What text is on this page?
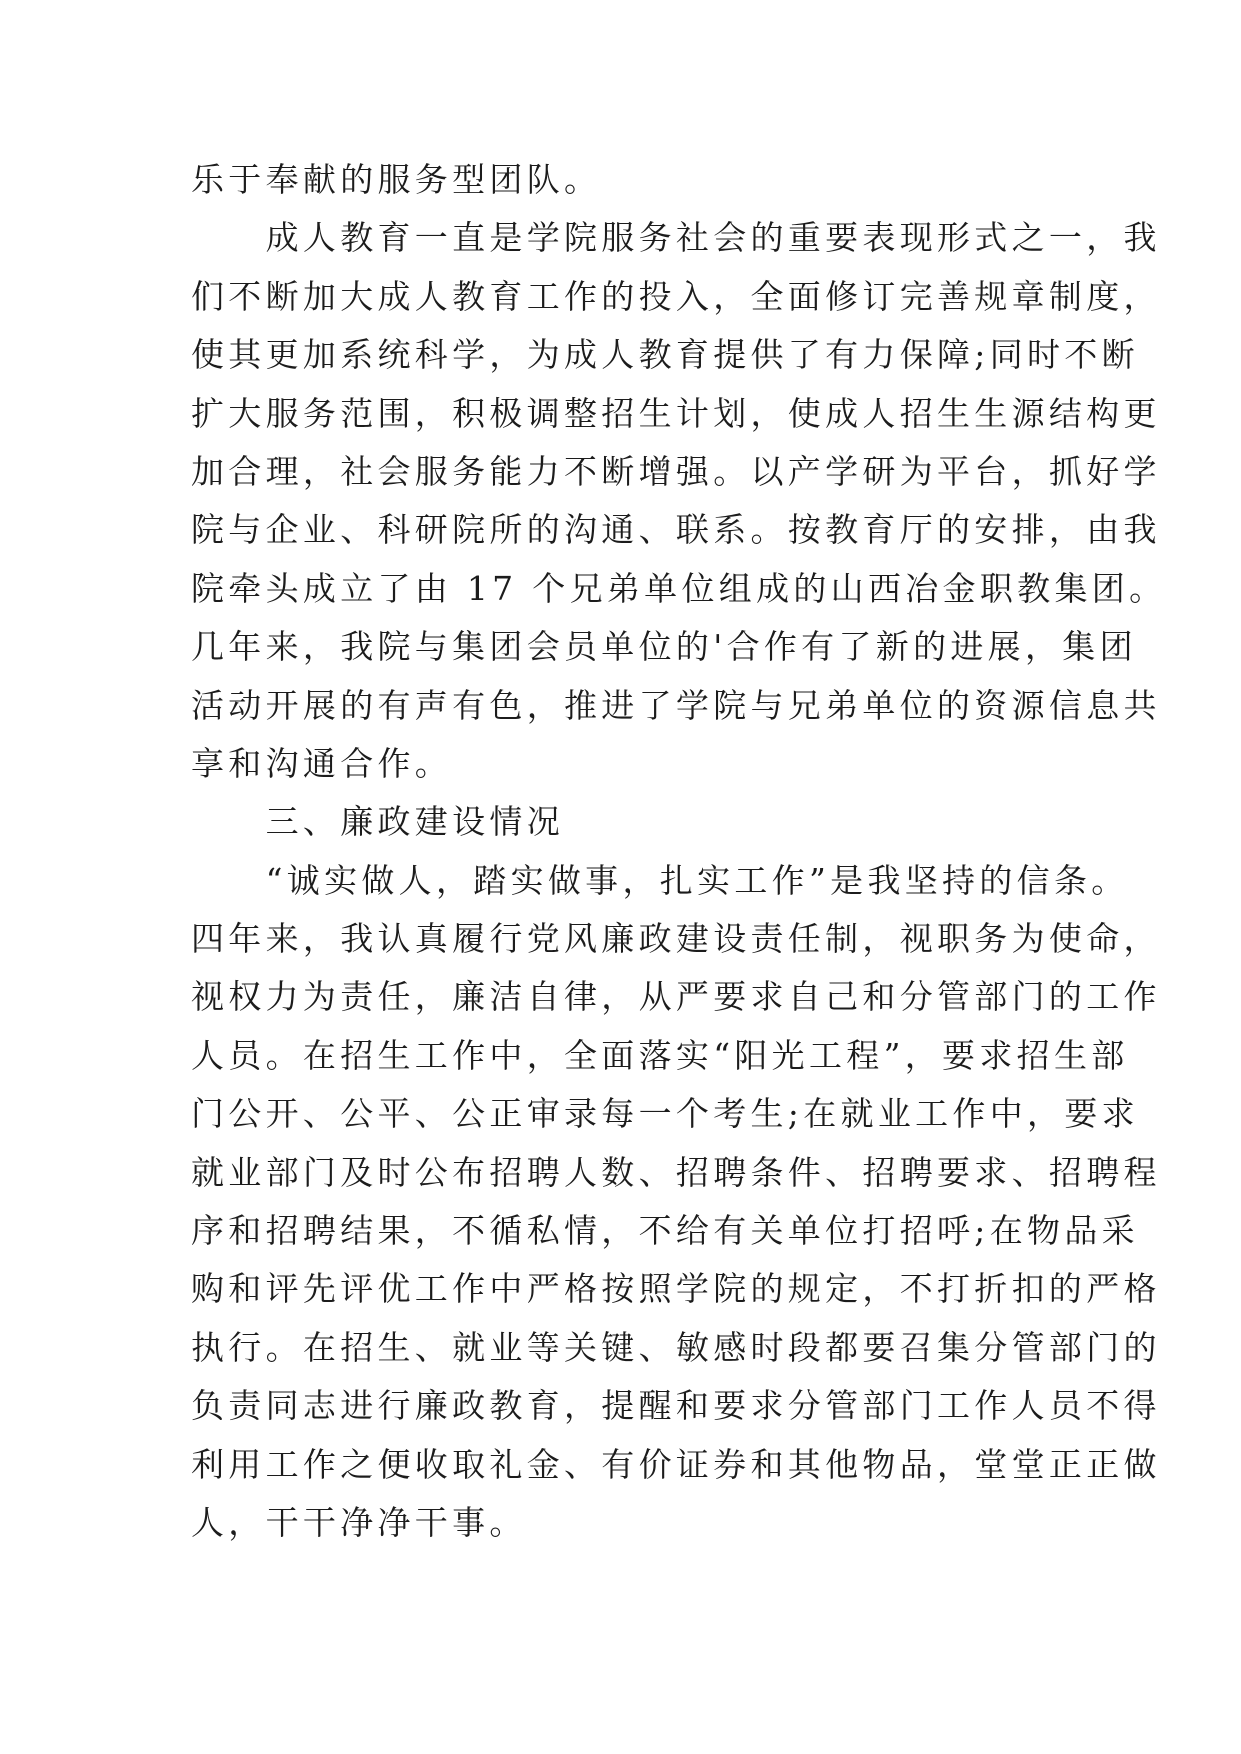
乐于奉献的服务型团队。
　　成人教育一直是学院服务社会的重要表现形式之一，我
们不断加大成人教育工作的投入，全面修订完善规章制度，
使其更加系统科学，为成人教育提供了有力保障;同时不断
扩大服务范围，积极调整招生计划，使成人招生生源结构更
加合理，社会服务能力不断增强。以产学研为平台，抓好学
院与企业、科研院所的沟通、联系。按教育厅的安排，由我
院牵头成立了由 17 个兄弟单位组成的山西冶金职教集团。
几年来，我院与集团会员单位的'合作有了新的进展，集团
活动开展的有声有色，推进了学院与兄弟单位的资源信息共
享和沟通合作。
　　三、廉政建设情况
　　“诚实做人，踏实做事，扎实工作”是我坚持的信条。
四年来，我认真履行党风廉政建设责任制，视职务为使命，
视权力为责任，廉洁自律，从严要求自己和分管部门的工作
人员。在招生工作中，全面落实“阳光工程”，要求招生部
门公开、公平、公正审录每一个考生;在就业工作中，要求
就业部门及时公布招聘人数、招聘条件、招聘要求、招聘程
序和招聘结果，不循私情，不给有关单位打招呼;在物品采
购和评先评优工作中严格按照学院的规定，不打折扣的严格
执行。在招生、就业等关键、敏感时段都要召集分管部门的
负责同志进行廉政教育，提醒和要求分管部门工作人员不得
利用工作之便收取礼金、有价证券和其他物品，堂堂正正做
人，干干净净干事。
